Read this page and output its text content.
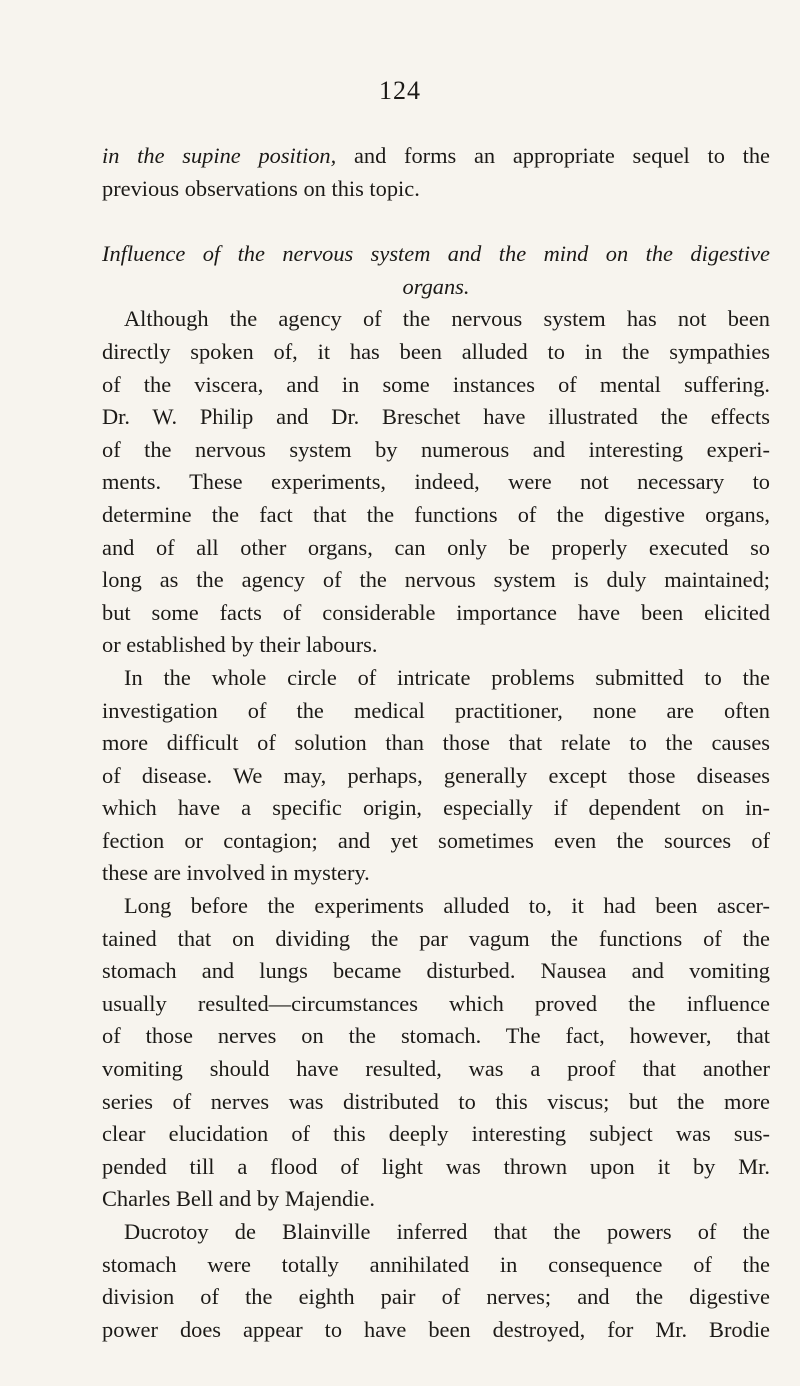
124
in the supine position, and forms an appropriate sequel to the
previous observations on this topic.
Influence of the nervous system and the mind on the digestive
organs.
Although the agency of the nervous system has not been
directly spoken of, it has been alluded to in the sympathies
of the viscera, and in some instances of mental suffering.
Dr. W. Philip and Dr. Breschet have illustrated the effects
of the nervous system by numerous and interesting experi-
ments. These experiments, indeed, were not necessary to
determine the fact that the functions of the digestive organs,
and of all other organs, can only be properly executed so
long as the agency of the nervous system is duly maintained;
but some facts of considerable importance have been elicited
or established by their labours.
In the whole circle of intricate problems submitted to the
investigation of the medical practitioner, none are often
more difficult of solution than those that relate to the causes
of disease. We may, perhaps, generally except those diseases
which have a specific origin, especially if dependent on in-
fection or contagion; and yet sometimes even the sources of
these are involved in mystery.
Long before the experiments alluded to, it had been ascer-
tained that on dividing the par vagum the functions of the
stomach and lungs became disturbed. Nausea and vomiting
usually resulted—circumstances which proved the influence
of those nerves on the stomach. The fact, however, that
vomiting should have resulted, was a proof that another
series of nerves was distributed to this viscus; but the more
clear elucidation of this deeply interesting subject was sus-
pended till a flood of light was thrown upon it by Mr.
Charles Bell and by Majendie.
Ducrotoy de Blainville inferred that the powers of the
stomach were totally annihilated in consequence of the
division of the eighth pair of nerves; and the digestive
power does appear to have been destroyed, for Mr. Brodie
